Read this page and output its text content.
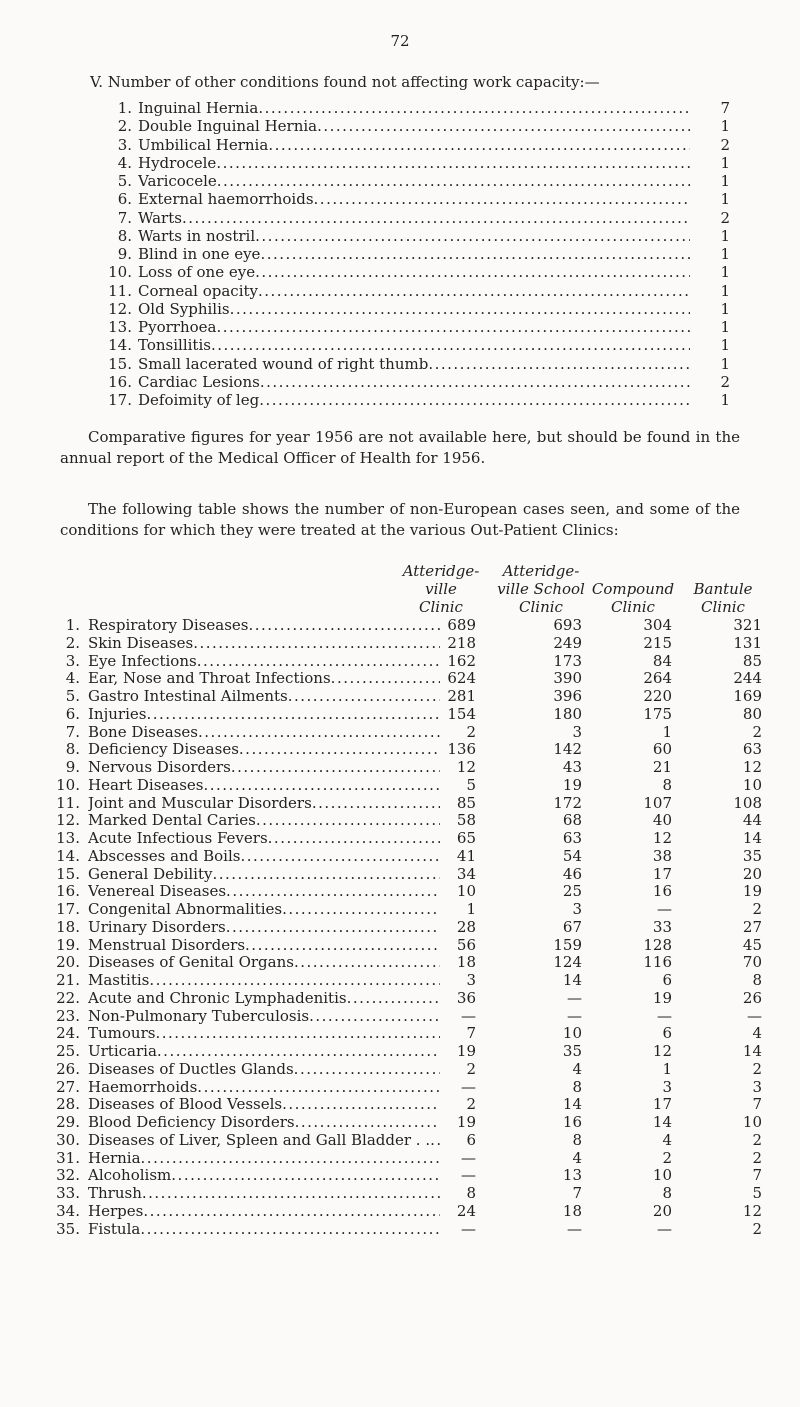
72
V. Number of other conditions found not affecting work capacity:—
1. Inguinal Hernia .....	7
2. Double Inguinal Hernia .....	1
3. Umbilical Hernia .....	2
4. Hydrocele .....	1
5. Varicocele .....	1
6. External haemorrhoids .....	1
7. Warts .....	2
8. Warts in nostril .....	1
9. Blind in one eye .....	1
10. Loss of one eye .....	1
11. Corneal opacity .....	1
12. Old Syphilis .....	1
13. Pyorrhoea .....	1
14. Tonsillitis .....	1
15. Small lacerated wound of right thumb .....	1
16. Cardiac Lesions .....	2
17. Defoimity of leg .....	1
Comparative figures for year 1956 are not available here, but should be found in the annual report of the Medical Officer of Health for 1956.
The following table shows the number of non-European cases seen, and some of the conditions for which they were treated at the various Out-Patient Clinics:
Atteridge-
ville
Clinic
Atteridge-
ville School
Clinic

Compound
Clinic

Bantule
Clinic
1. Respiratory Diseases .....	689	693	304	321
2. Skin Diseases .....	218	249	215	131
3. Eye Infections .....	162	173	84	85
4. Ear, Nose and Throat Infections .....	624	390	264	244
5. Gastro Intestinal Ailments .....	281	396	220	169
6. Injuries .....	154	180	175	80
7. Bone Diseases .....	2	3	1	2
8. Deficiency Diseases .....	136	142	60	63
9. Nervous Disorders .....	12	43	21	12
10. Heart Diseases .....	5	19	8	10
11. Joint and Muscular Disorders .....	85	172	107	108
12. Marked Dental Caries .....	58	68	40	44
13. Acute Infectious Fevers .....	65	63	12	14
14. Abscesses and Boils .....	41	54	38	35
15. General Debility .....	34	46	17	20
16. Venereal Diseases .....	10	25	16	19
17. Congenital Abnormalities .....	1	3	—	2
18. Urinary Disorders .....	28	67	33	27
19. Menstrual Disorders .....	56	159	128	45
20. Diseases of Genital Organs .....	18	124	116	70
21. Mastitis .....	3	14	6	8
22. Acute and Chronic Lymphadenitis .....	36	—	19	26
23. Non-Pulmonary Tuberculosis .....	—	—	—	—
24. Tumours .....	7	10	6	4
25. Urticaria .....	19	35	12	14
26. Diseases of Ductles Glands .....	2	4	1	2
27. Haemorrhoids .....	—	8	3	3
28. Diseases of Blood Vessels .....	2	14	17	7
29. Blood Deficiency Disorders .....	19	16	14	10
30. Diseases of Liver, Spleen and Gall Bladder . . .....	6	8	4	2
31. Hernia .....	—	4	2	2
32. Alcoholism .....	—	13	10	7
33. Thrush .....	8	7	8	5
34. Herpes .....	24	18	20	12
35. Fistula .....	—	—	—	2
